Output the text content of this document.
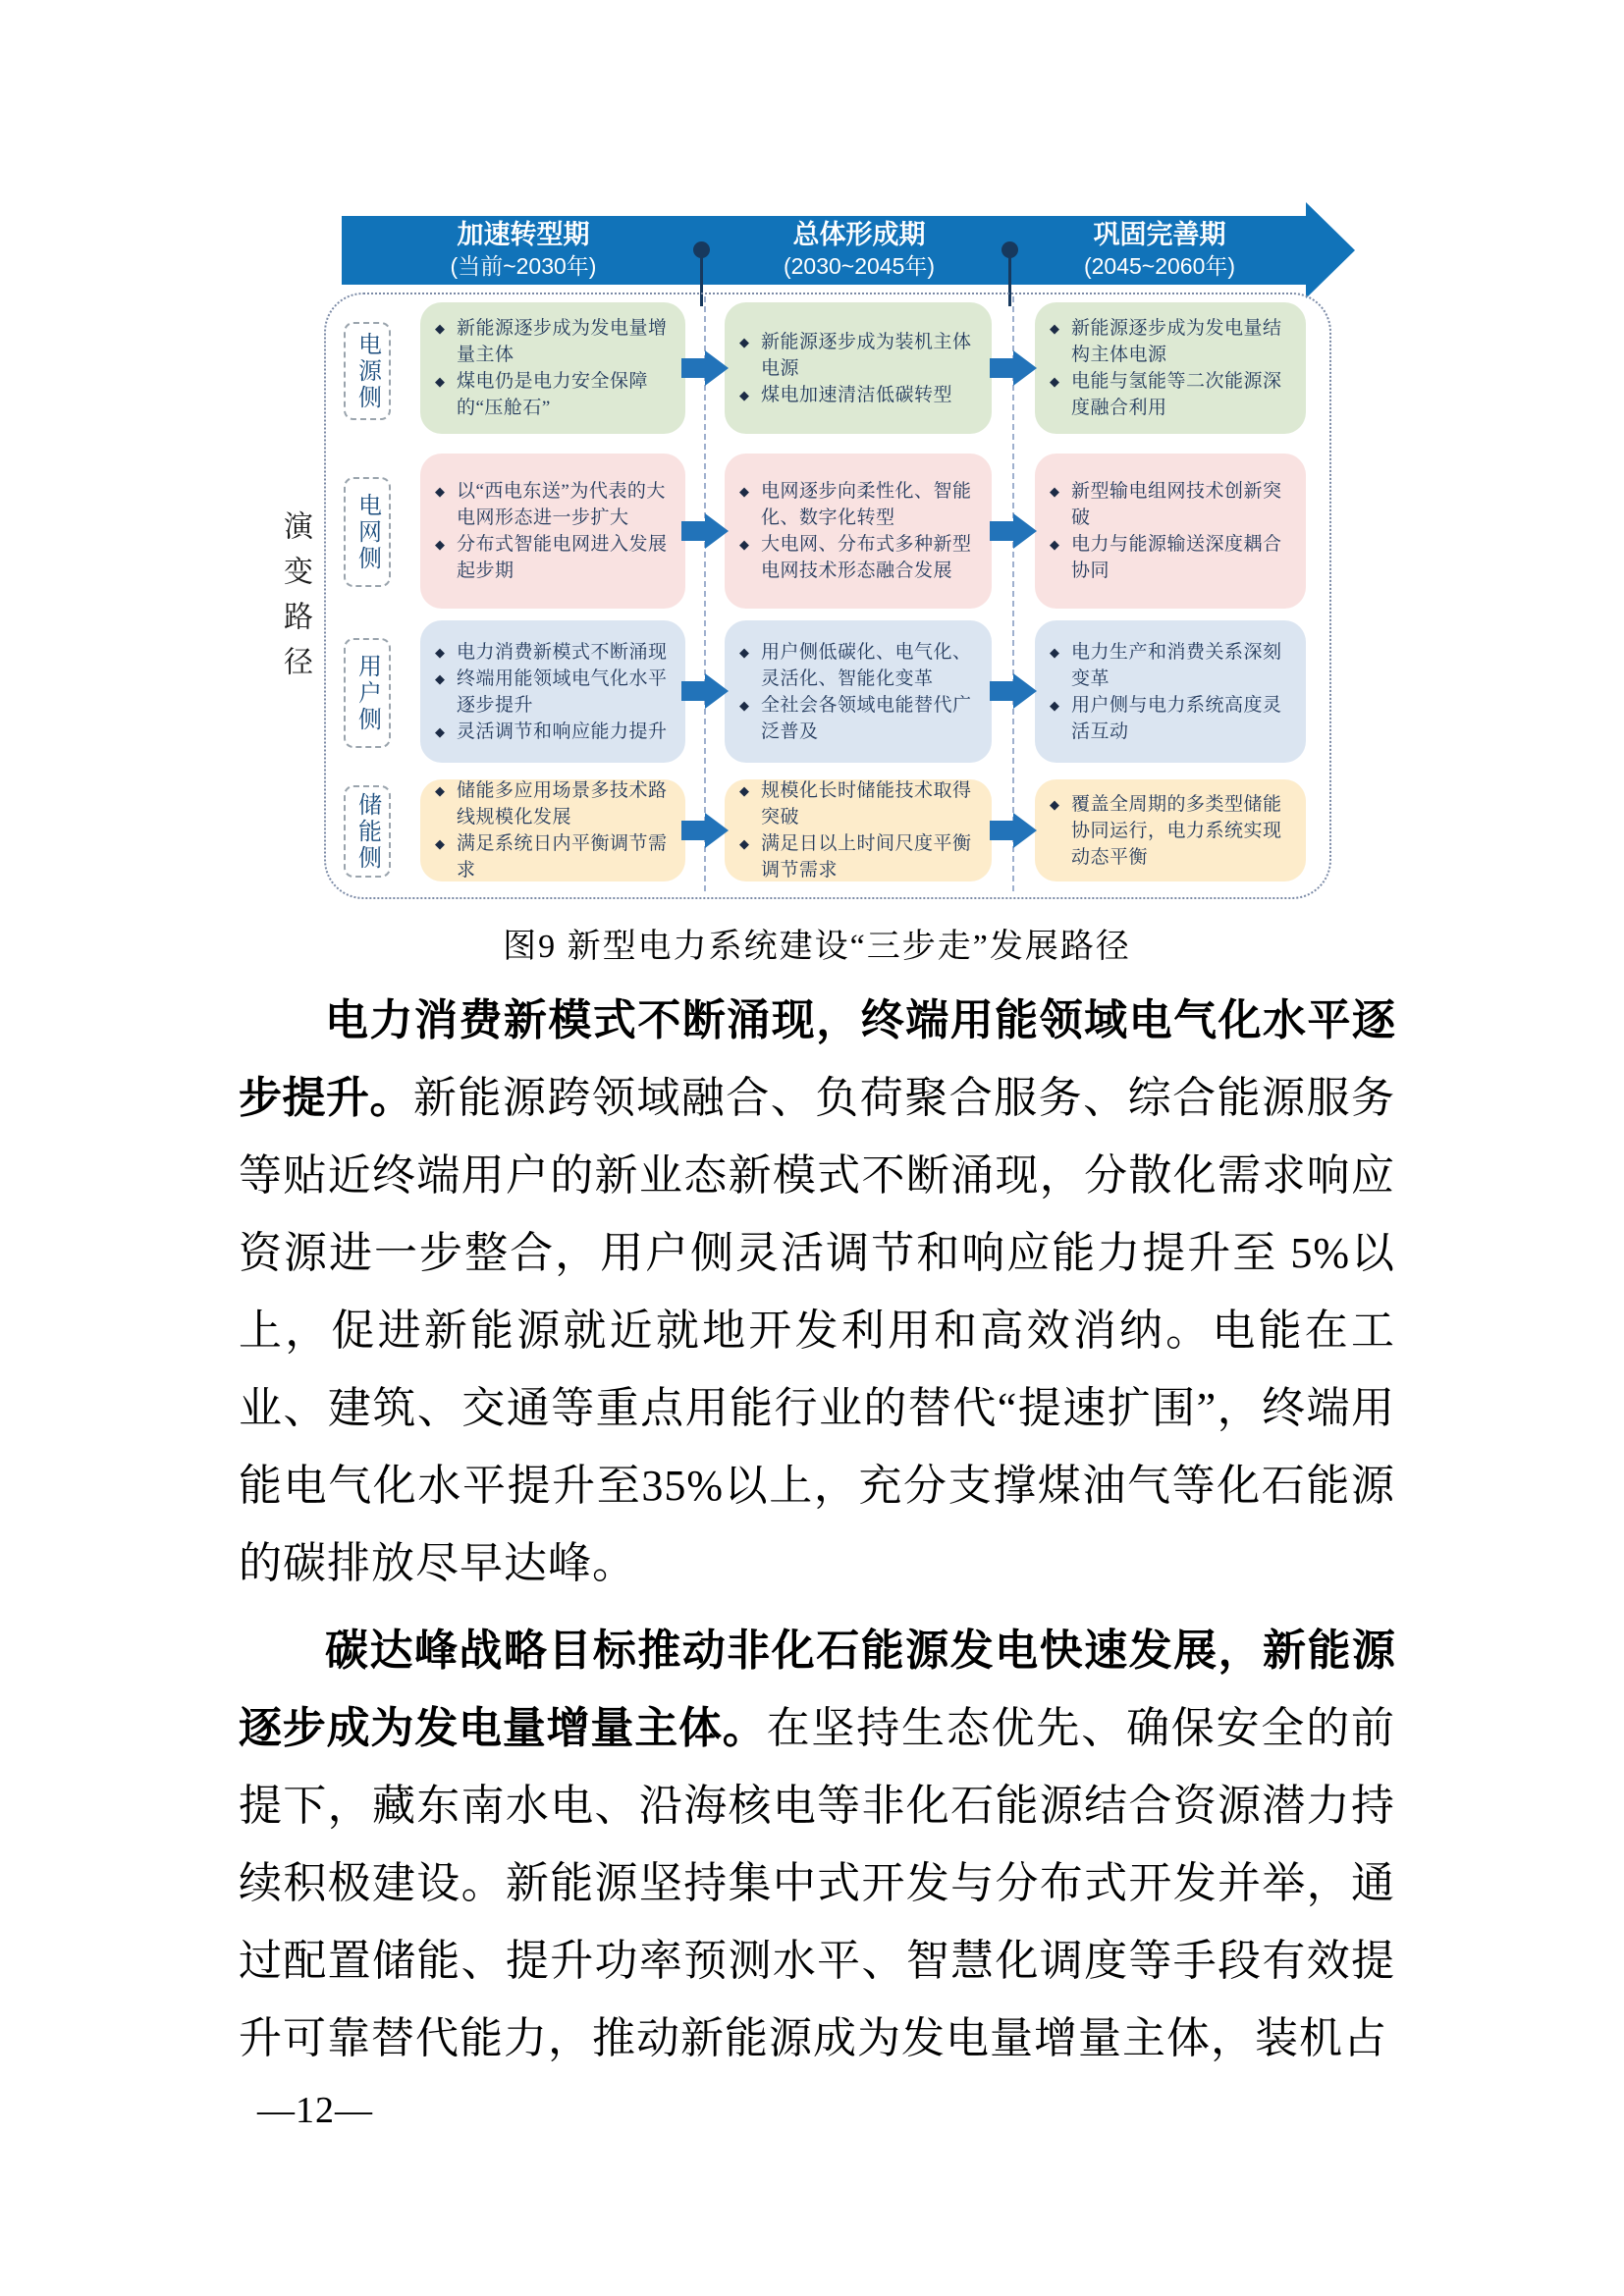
加速转型期
(当前~2030年)
总体形成期
(2030~2045年)
巩固完善期
(2045~2060年)
演变路径
电源侧
电网侧
用户侧
储能侧
◆ 新能源逐步成为发电量增量主体
◆ 煤电仍是电力安全保障的“压舱石”
◆ 新能源逐步成为装机主体电源
◆ 煤电加速清洁低碳转型
◆ 新能源逐步成为发电量结构主体电源
◆ 电能与氢能等二次能源深度融合利用
◆ 以“西电东送”为代表的大电网形态进一步扩大
◆ 分布式智能电网进入发展起步期
◆ 电网逐步向柔性化、智能化、数字化转型
◆ 大电网、分布式多种新型电网技术形态融合发展
◆ 新型输电组网技术创新突破
◆ 电力与能源输送深度耦合协同
◆ 电力消费新模式不断涌现
◆ 终端用能领域电气化水平逐步提升
◆ 灵活调节和响应能力提升
◆ 用户侧低碳化、电气化、灵活化、智能化变革
◆ 全社会各领域电能替代广泛普及
◆ 电力生产和消费关系深刻变革
◆ 用户侧与电力系统高度灵活互动
◆ 储能多应用场景多技术路线规模化发展
◆ 满足系统日内平衡调节需求
◆ 规模化长时储能技术取得突破
◆ 满足日以上时间尺度平衡调节需求
◆ 覆盖全周期的多类型储能协同运行，电力系统实现动态平衡
图9 新型电力系统建设“三步走”发展路径

电力消费新模式不断涌现，终端用能领域电气化水平逐步提升。新能源跨领域融合、负荷聚合服务、综合能源服务等贴近终端用户的新业态新模式不断涌现，分散化需求响应资源进一步整合，用户侧灵活调节和响应能力提升至 5%以上，促进新能源就近就地开发利用和高效消纳。电能在工业、建筑、交通等重点用能行业的替代“提速扩围”，终端用能电气化水平提升至35%以上，充分支撑煤油气等化石能源的碳排放尽早达峰。

碳达峰战略目标推动非化石能源发电快速发展，新能源逐步成为发电量增量主体。在坚持生态优先、确保安全的前提下，藏东南水电、沿海核电等非化石能源结合资源潜力持续积极建设。新能源坚持集中式开发与分布式开发并举，通过配置储能、提升功率预测水平、智慧化调度等手段有效提升可靠替代能力，推动新能源成为发电量增量主体，装机占

—12—
